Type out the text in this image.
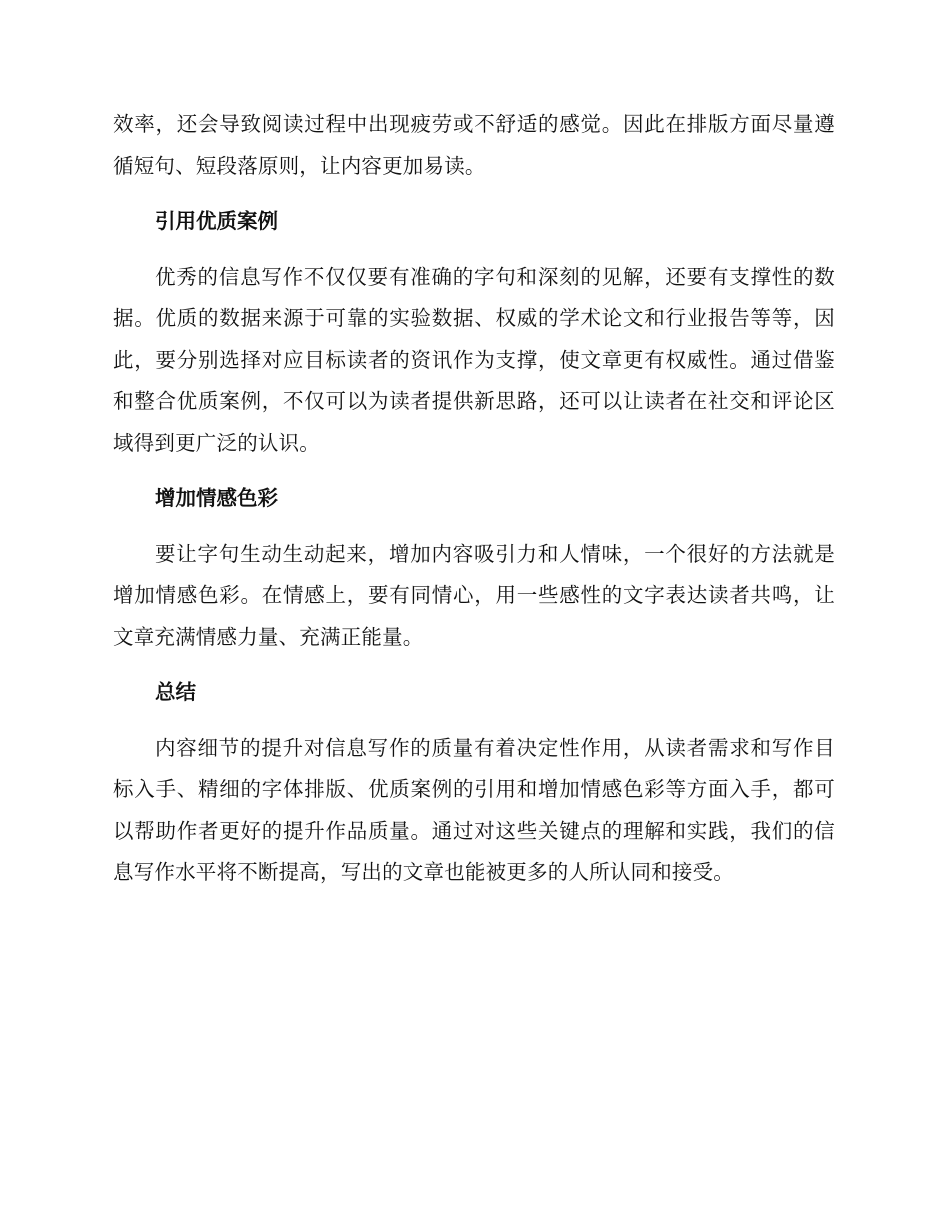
效率，还会导致阅读过程中出现疲劳或不舒适的感觉。因此在排版方面尽量遵循短句、短段落原则，让内容更加易读。

引用优质案例

优秀的信息写作不仅仅要有准确的字句和深刻的见解，还要有支撑性的数据。优质的数据来源于可靠的实验数据、权威的学术论文和行业报告等等，因此，要分别选择对应目标读者的资讯作为支撑，使文章更有权威性。通过借鉴和整合优质案例，不仅可以为读者提供新思路，还可以让读者在社交和评论区域得到更广泛的认识。

增加情感色彩

要让字句生动生动起来，增加内容吸引力和人情味，一个很好的方法就是增加情感色彩。在情感上，要有同情心，用一些感性的文字表达读者共鸣，让文章充满情感力量、充满正能量。

总结

内容细节的提升对信息写作的质量有着决定性作用，从读者需求和写作目标入手、精细的字体排版、优质案例的引用和增加情感色彩等方面入手，都可以帮助作者更好的提升作品质量。通过对这些关键点的理解和实践，我们的信息写作水平将不断提高，写出的文章也能被更多的人所认同和接受。
